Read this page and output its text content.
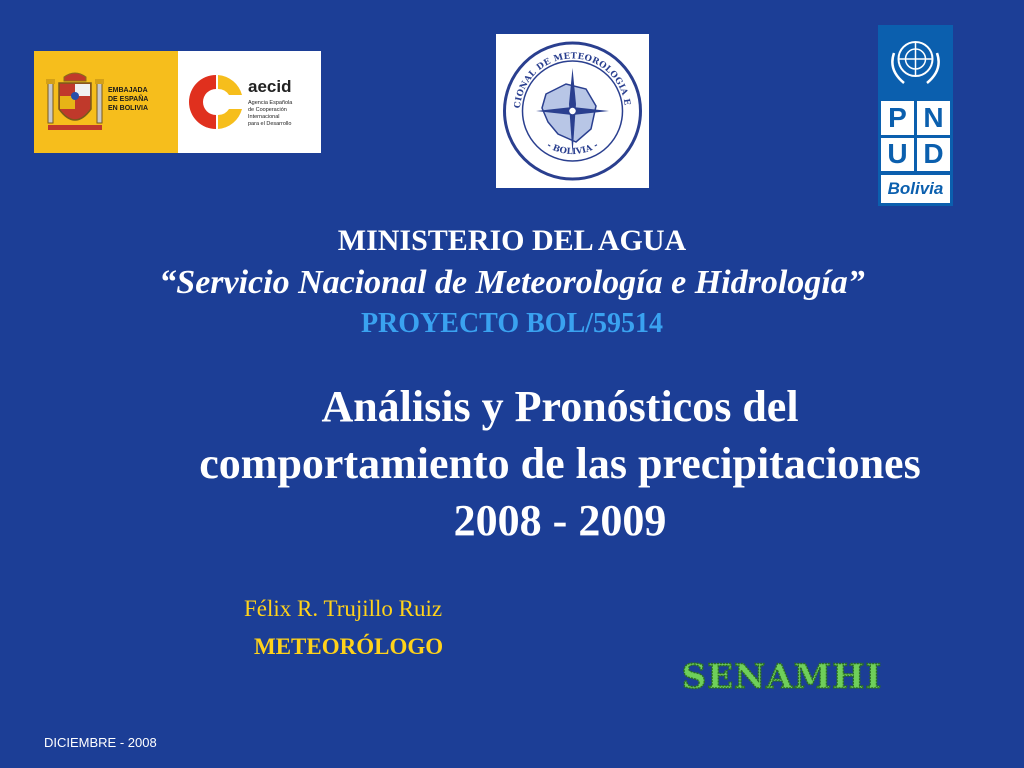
EMBAJADA
DE ESPAÑA
EN BOLIVIA
aecid
Agencia Española
de Cooperación
Internacional
para el Desarrollo
CIONAL DE METEOROLOGIA E
- BOLIVIA -
P N
U D
Bolivia
MINISTERIO DEL AGUA
“Servicio Nacional de Meteorología e Hidrología”
PROYECTO BOL/59514
Análisis y Pronósticos del
comportamiento de las precipitaciones
2008 - 2009
Félix R. Trujillo Ruiz
METEORÓLOGO
SENAMHI
DICIEMBRE - 2008
